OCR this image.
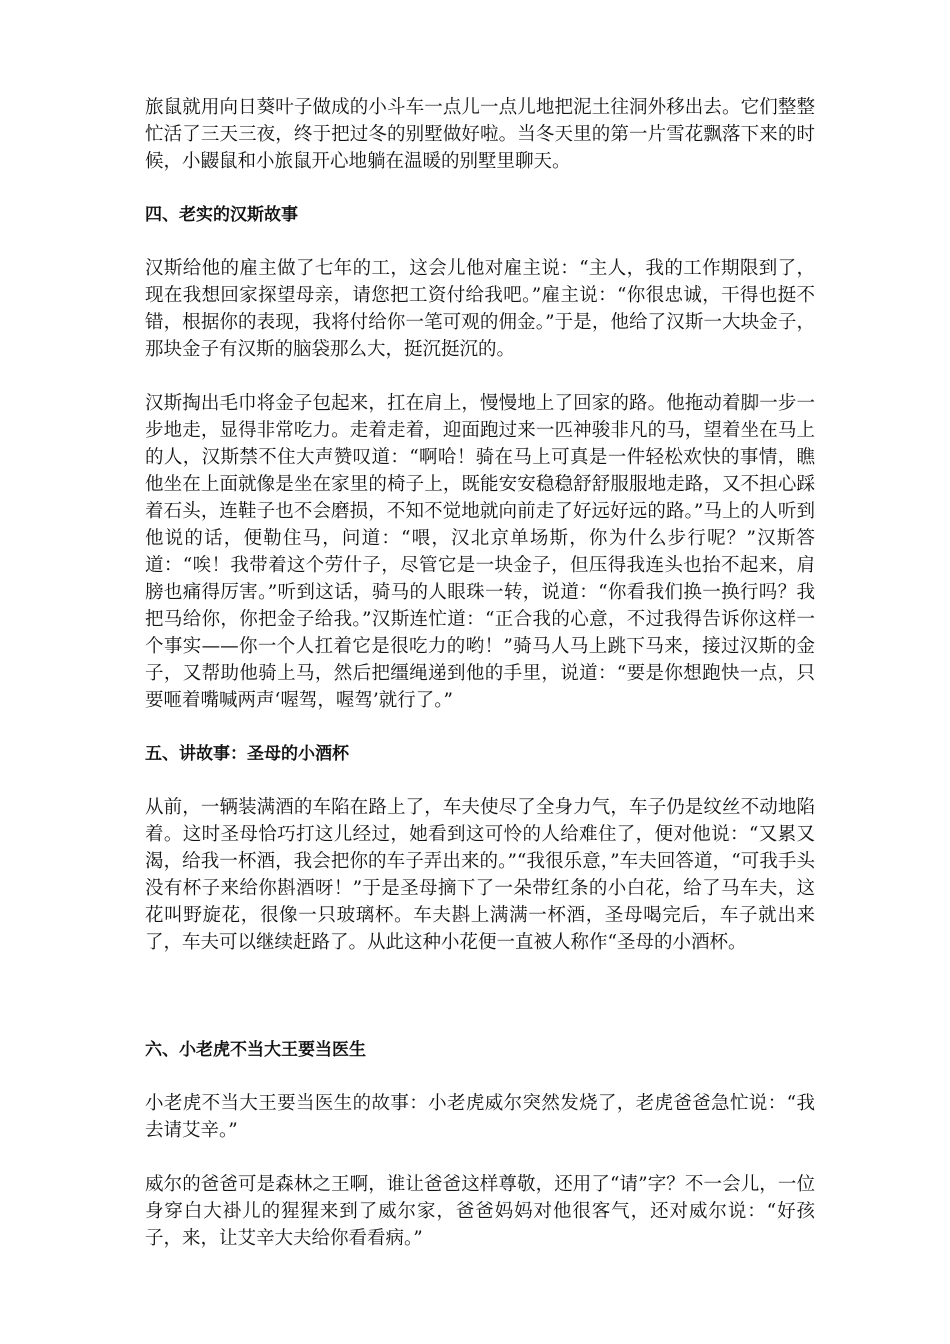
旅鼠就用向日葵叶子做成的小斗车一点儿一点儿地把泥土往洞外移出去。它们整整忙活了三天三夜，终于把过冬的别墅做好啦。当冬天里的第一片雪花飘落下来的时候，小鼹鼠和小旅鼠开心地躺在温暖的别墅里聊天。

四、老实的汉斯故事

汉斯给他的雇主做了七年的工，这会儿他对雇主说：“主人，我的工作期限到了，现在我想回家探望母亲，请您把工资付给我吧。”雇主说：“你很忠诚，干得也挺不错，根据你的表现，我将付给你一笔可观的佣金。”于是，他给了汉斯一大块金子，那块金子有汉斯的脑袋那么大，挺沉挺沉的。

汉斯掏出毛巾将金子包起来，扛在肩上，慢慢地上了回家的路。他拖动着脚一步一步地走，显得非常吃力。走着走着，迎面跑过来一匹神骏非凡的马，望着坐在马上的人，汉斯禁不住大声赞叹道：“啊哈！骑在马上可真是一件轻松欢快的事情，瞧他坐在上面就像是坐在家里的椅子上，既能安安稳稳舒舒服服地走路，又不担心踩着石头，连鞋子也不会磨损，不知不觉地就向前走了好远好远的路。”马上的人听到他说的话，便勒住马，问道：“喂，汉北京单场斯，你为什么步行呢？”汉斯答道：“唉！我带着这个劳什子，尽管它是一块金子，但压得我连头也抬不起来，肩膀也痛得厉害。”听到这话，骑马的人眼珠一转，说道：“你看我们换一换行吗？我把马给你，你把金子给我。”汉斯连忙道：“正合我的心意，不过我得告诉你这样一个事实——你一个人扛着它是很吃力的哟！”骑马人马上跳下马来，接过汉斯的金子，又帮助他骑上马，然后把缰绳递到他的手里，说道：“要是你想跑快一点，只要咂着嘴喊两声‘喔驾，喔驾’就行了。”

五、讲故事：圣母的小酒杯

从前，一辆装满酒的车陷在路上了，车夫使尽了全身力气，车子仍是纹丝不动地陷着。这时圣母恰巧打这儿经过，她看到这可怜的人给难住了，便对他说：“又累又渴，给我一杯酒，我会把你的车子弄出来的。”“我很乐意，”车夫回答道，“可我手头没有杯子来给你斟酒呀！”于是圣母摘下了一朵带红条的小白花，给了马车夫，这花叫野旋花，很像一只玻璃杯。车夫斟上满满一杯酒，圣母喝完后，车子就出来了，车夫可以继续赶路了。从此这种小花便一直被人称作“圣母的小酒杯。

六、小老虎不当大王要当医生

小老虎不当大王要当医生的故事：小老虎威尔突然发烧了，老虎爸爸急忙说：“我去请艾辛。”

威尔的爸爸可是森林之王啊，谁让爸爸这样尊敬，还用了“请”字？不一会儿，一位身穿白大褂儿的猩猩来到了威尔家，爸爸妈妈对他很客气，还对威尔说：“好孩子，来，让艾辛大夫给你看看病。”
